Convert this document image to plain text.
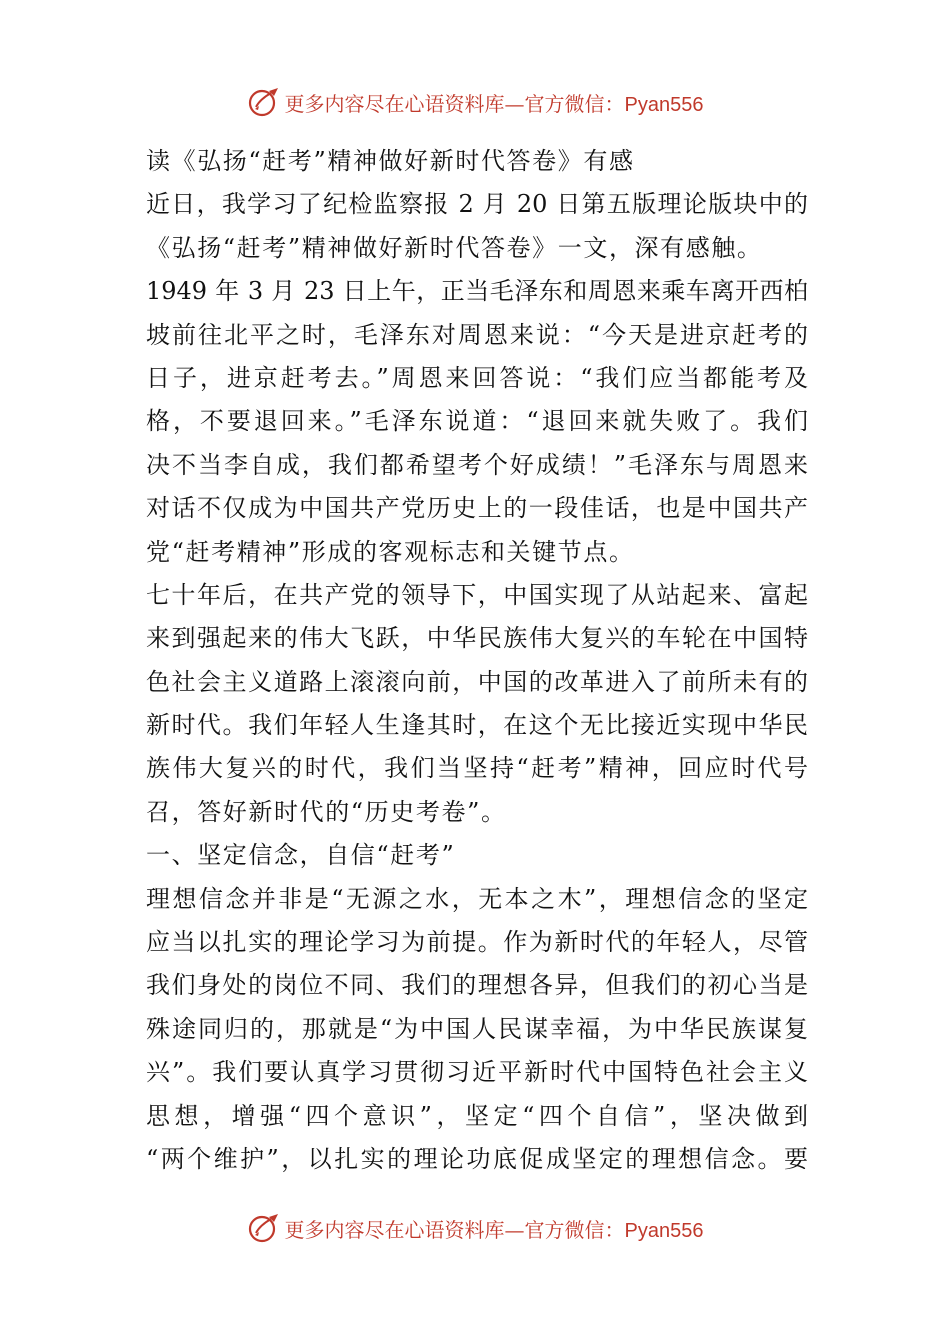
更多内容尽在心语资料库—官方微信：Pyan556
读《弘扬“赶考”精神做好新时代答卷》有感
近日，我学习了纪检监察报 2 月 20 日第五版理论版块中的
《弘扬“赶考”精神做好新时代答卷》一文，深有感触。
1949 年 3 月 23 日上午，正当毛泽东和周恩来乘车离开西柏
坡前往北平之时，毛泽东对周恩来说：“今天是进京赶考的
日子，进京赶考去。”周恩来回答说：“我们应当都能考及
格，不要退回来。”毛泽东说道：“退回来就失败了。我们
决不当李自成，我们都希望考个好成绩！”毛泽东与周恩来
对话不仅成为中国共产党历史上的一段佳话，也是中国共产
党“赶考精神”形成的客观标志和关键节点。
七十年后，在共产党的领导下，中国实现了从站起来、富起
来到强起来的伟大飞跃，中华民族伟大复兴的车轮在中国特
色社会主义道路上滚滚向前，中国的改革进入了前所未有的
新时代。我们年轻人生逢其时，在这个无比接近实现中华民
族伟大复兴的时代，我们当坚持“赶考”精神，回应时代号
召，答好新时代的“历史考卷”。
一、坚定信念，自信“赶考”
理想信念并非是“无源之水，无本之木”，理想信念的坚定
应当以扎实的理论学习为前提。作为新时代的年轻人，尽管
我们身处的岗位不同、我们的理想各异，但我们的初心当是
殊途同归的，那就是“为中国人民谋幸福，为中华民族谋复
兴”。我们要认真学习贯彻习近平新时代中国特色社会主义
思想，增强“四个意识”，坚定“四个自信”，坚决做到
“两个维护”，以扎实的理论功底促成坚定的理想信念。要
更多内容尽在心语资料库—官方微信：Pyan556
